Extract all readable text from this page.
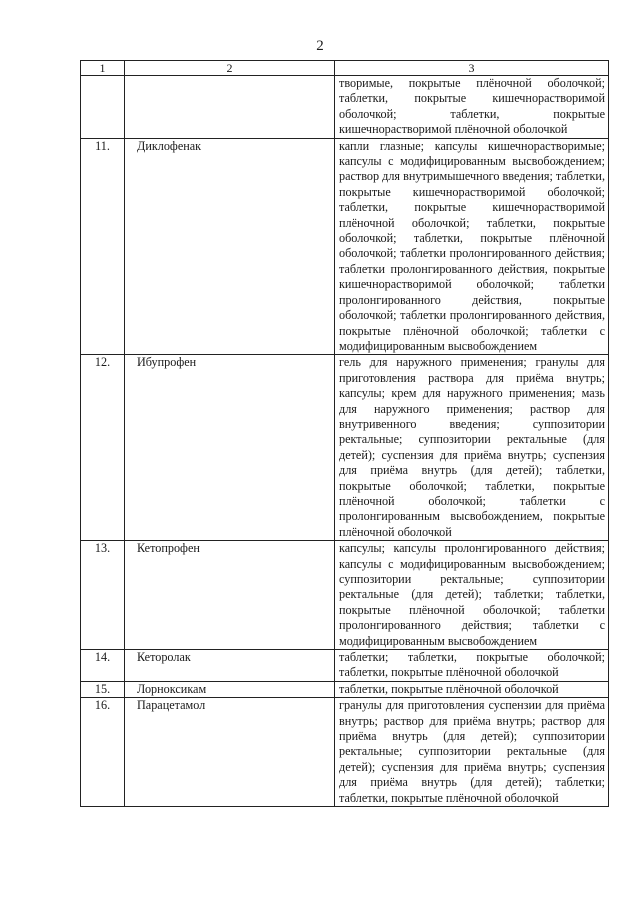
2
1	2	3
		творимые, покрытые плёночной оболочкой; таблетки, покрытые кишечнорастворимой оболочкой; таблетки, покрытые кишечнорастворимой плёночной оболочкой
11.	Диклофенак	капли глазные; капсулы кишечнорастворимые; капсулы с модифицированным высвобождением; раствор для внутримышечного введения; таблетки, покрытые кишечнорастворимой оболочкой; таблетки, покрытые кишечнорастворимой плёночной оболочкой; таблетки, покрытые оболочкой; таблетки, покрытые плёночной оболочкой; таблетки пролонгированного действия; таблетки пролонгированного действия, покрытые кишечнорастворимой оболочкой; таблетки пролонгированного действия, покрытые оболочкой; таблетки пролонгированного действия, покрытые плёночной оболочкой; таблетки с модифицированным высвобождением
12.	Ибупрофен	гель для наружного применения; гранулы для приготовления раствора для приёма внутрь; капсулы; крем для наружного применения; мазь для наружного применения; раствор для внутривенного введения; суппозитории ректальные; суппозитории ректальные (для детей); суспензия для приёма внутрь; суспензия для приёма внутрь (для детей); таблетки, покрытые оболочкой; таблетки, покрытые плёночной оболочкой; таблетки с пролонгированным высвобождением, покрытые плёночной оболочкой
13.	Кетопрофен	капсулы; капсулы пролонгированного действия; капсулы с модифицированным высвобождением; суппозитории ректальные; суппозитории ректальные (для детей); таблетки; таблетки, покрытые плёночной оболочкой; таблетки пролонгированного действия; таблетки с модифицированным высвобождением
14.	Кеторолак	таблетки; таблетки, покрытые оболочкой; таблетки, покрытые плёночной оболочкой
15.	Лорноксикам	таблетки, покрытые плёночной оболочкой
16.	Парацетамол	гранулы для приготовления суспензии для приёма внутрь; раствор для приёма внутрь; раствор для приёма внутрь (для детей); суппозитории ректальные; суппозитории ректальные (для детей); суспензия для приёма внутрь; суспензия для приёма внутрь (для детей); таблетки; таблетки, покрытые плёночной оболочкой
